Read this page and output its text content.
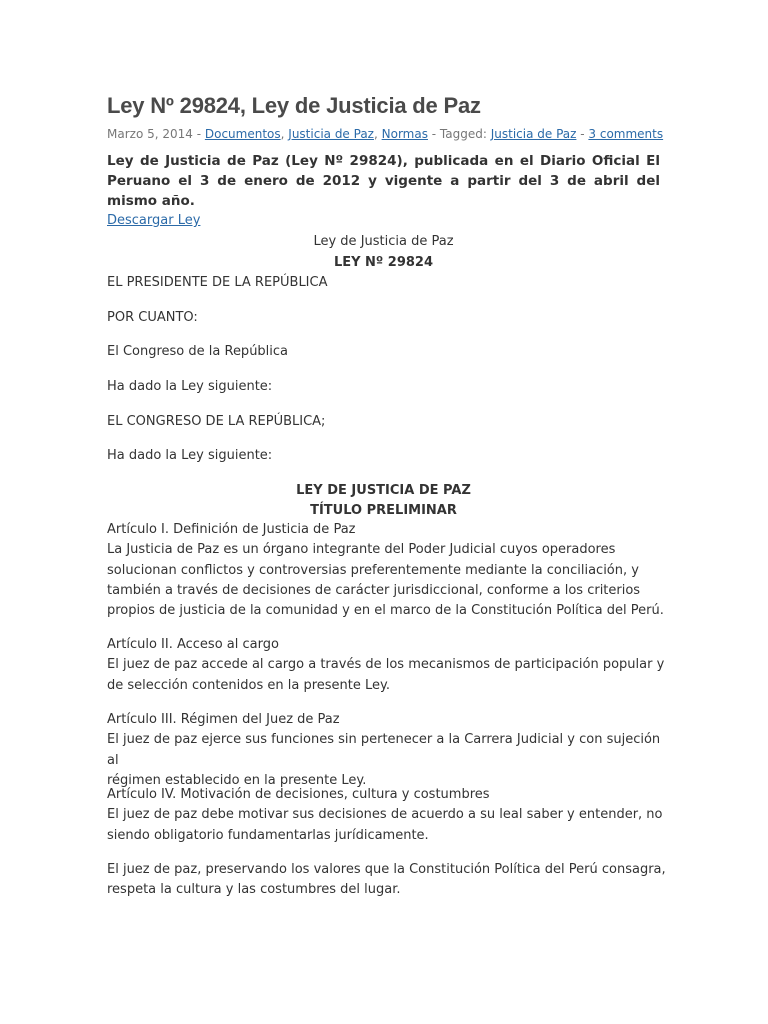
Ley Nº 29824, Ley de Justicia de Paz
Marzo 5, 2014 - Documentos, Justicia de Paz, Normas - Tagged: Justicia de Paz - 3 comments

Ley de Justicia de Paz (Ley Nº 29824), publicada en el Diario Oficial El Peruano el 3 de enero de 2012 y vigente a partir del 3 de abril del mismo año.

Descargar Ley
Ley de Justicia de Paz
LEY Nº 29824
EL PRESIDENTE DE LA REPÚBLICA
POR CUANTO:
El Congreso de la República
Ha dado la Ley siguiente:
EL CONGRESO DE LA REPÚBLICA;
Ha dado la Ley siguiente:
LEY DE JUSTICIA DE PAZ
TÍTULO PRELIMINAR

Artículo I. Definición de Justicia de Paz

La Justicia de Paz es un órgano integrante del Poder Judicial cuyos operadores

solucionan conflictos y controversias preferentemente mediante la conciliación, y

también a través de decisiones de carácter jurisdiccional, conforme a los criterios

propios de justicia de la comunidad y en el marco de la Constitución Política del Perú.

Artículo II. Acceso al cargo

El juez de paz accede al cargo a través de los mecanismos de participación popular y

de selección contenidos en la presente Ley.

Artículo III. Régimen del Juez de Paz

El juez de paz ejerce sus funciones sin pertenecer a la Carrera Judicial y con sujeción al

régimen establecido en la presente Ley.

Artículo IV. Motivación de decisiones, cultura y costumbres

El juez de paz debe motivar sus decisiones de acuerdo a su leal saber y entender, no

siendo obligatorio fundamentarlas jurídicamente.

El juez de paz, preservando los valores que la Constitución Política del Perú consagra,

respeta la cultura y las costumbres del lugar.
